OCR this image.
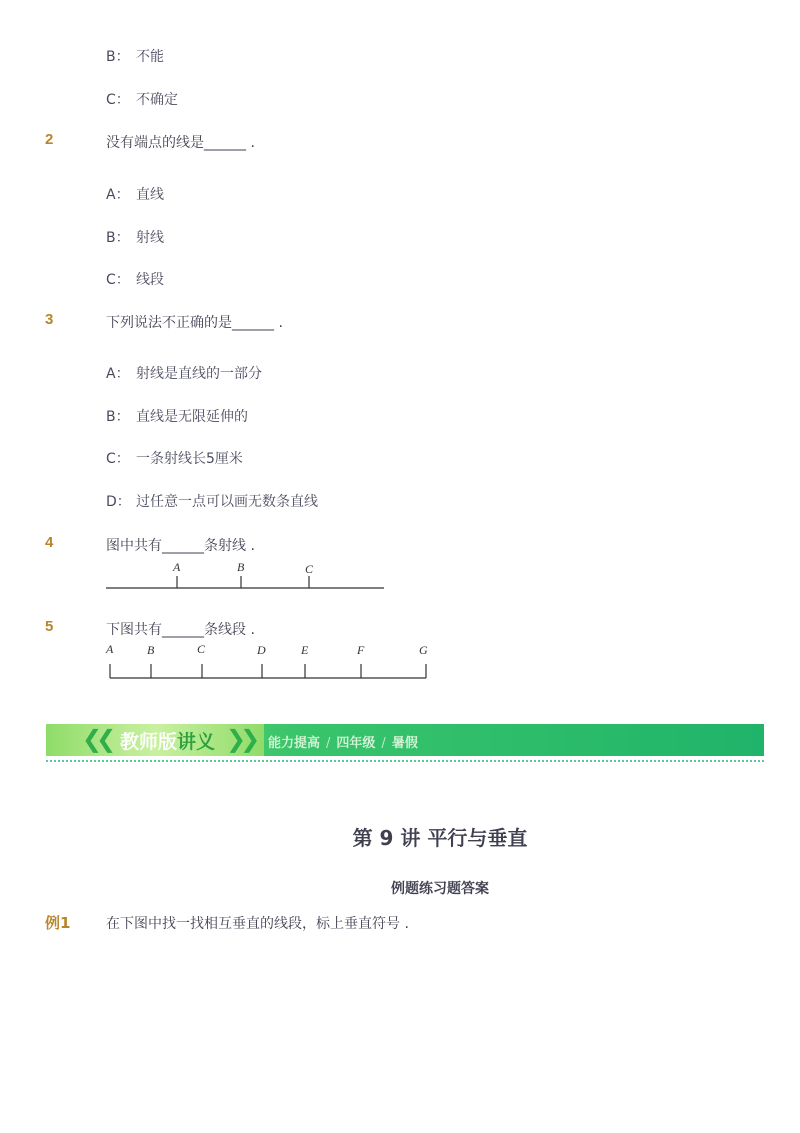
B： 不能
C： 不确定
2	没有端点的线是______ .
A： 直线
B： 射线
C： 线段
3	下列说法不正确的是______ .
A： 射线是直线的一部分
B： 直线是无限延伸的
C： 一条射线长5厘米
D： 过任意一点可以画无数条直线
4	图中共有______条射线 .
A	B	C
5	下图共有______条线段 .
A	B	C	D	E	F	G
❮❮ 教师版讲义 ❯❯ 能力提高 / 四年级 / 暑假
第 9 讲 平行与垂直
例题练习题答案
例1	在下图中找一找相互垂直的线段，标上垂直符号 .
